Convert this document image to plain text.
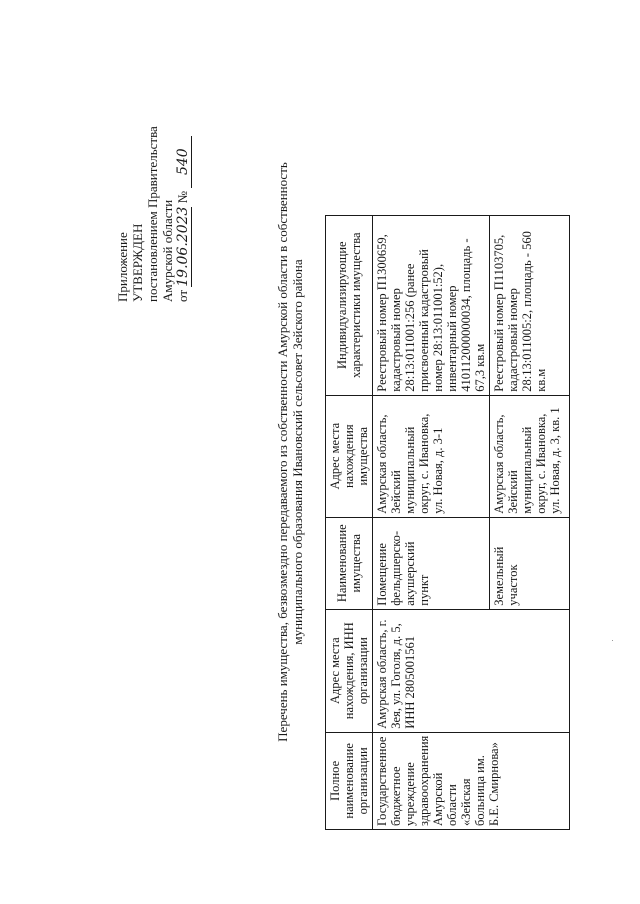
Приложение УТВЕРЖДЕН постановлением Правительства Амурской области от 19.06.2023 № 540
Перечень имущества, безвозмездно передаваемого из собственности Амурской области в собственность муниципального образования Ивановский сельсовет Зейского района
Полное наименование организации	Адрес места нахождения, ИНН организации	Наименование имущества	Адрес места нахождения имущества	Индивидуализирующие характеристики имущества
Государственное бюджетное учреждение здравоохранения Амурской области «Зейская больница им. Б.Е. Смирнова»	Амурская область, г. Зея, ул. Гоголя, д. 5, ИНН 2805001561	Помещение фельдшерско-акушерский пункт	Амурская область, Зейский муниципальный округ, с. Ивановка, ул. Новая, д. 3-1	Реестровый номер П1300659, кадастровый номер 28:13:011001:256 (ранее присвоенный кадастровый номер 28:13:011001:52), инвентарный номер 410112000000034, площадь - 67,3 кв.м
		Земельный участок	Амурская область, Зейский муниципальный округ, с. Ивановка, ул. Новая, д. 3, кв. 1	Реестровый номер П1103705, кадастровый номер 28:13:011005:2, площадь - 560 кв.м
